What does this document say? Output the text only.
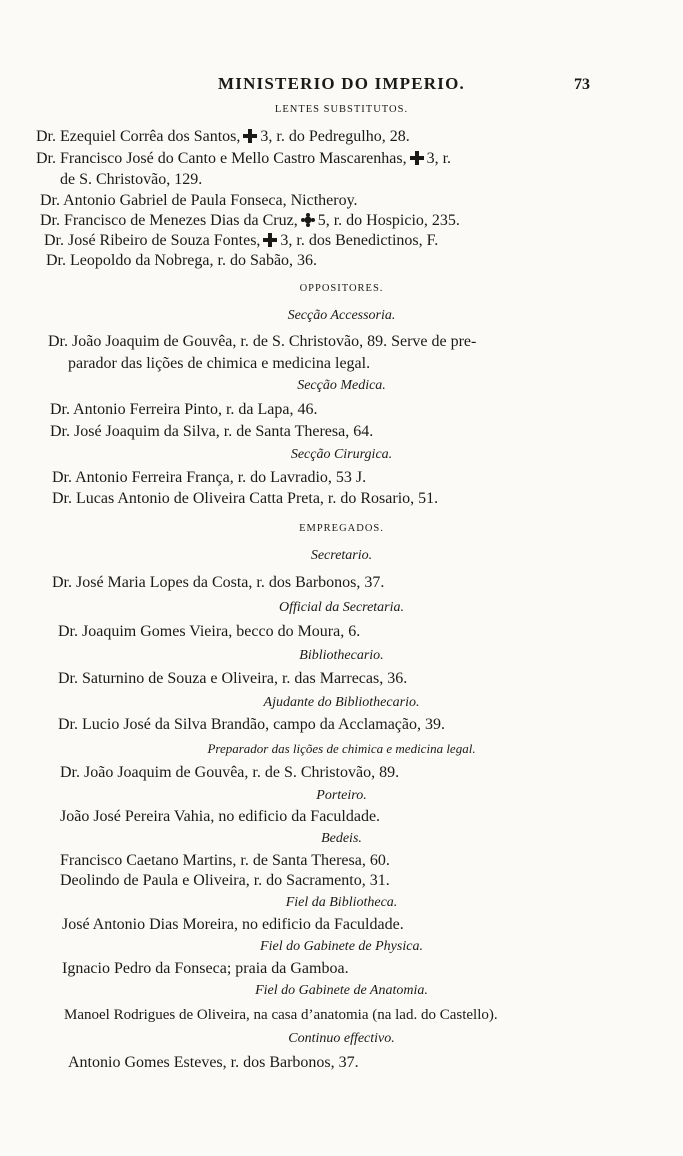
MINISTERIO DO IMPERIO.	73
LENTES SUBSTITUTOS.
Dr. Ezequiel Corrêa dos Santos, 3, r. do Pedregulho, 28.
Dr. Francisco José do Canto e Mello Castro Mascarenhas, 3, r.
de S. Christovão, 129.
Dr. Antonio Gabriel de Paula Fonseca, Nictheroy.
Dr. Francisco de Menezes Dias da Cruz, 5, r. do Hospicio, 235.
Dr. José Ribeiro de Souza Fontes, 3, r. dos Benedictinos, F.
Dr. Leopoldo da Nobrega, r. do Sabão, 36.
OPPOSITORES.
Secção Accessoria.
Dr. João Joaquim de Gouvêa, r. de S. Christovão, 89. Serve de pre-
parador das lições de chimica e medicina legal.
Secção Medica.
Dr. Antonio Ferreira Pinto, r. da Lapa, 46.
Dr. José Joaquim da Silva, r. de Santa Theresa, 64.
Secção Cirurgica.
Dr. Antonio Ferreira França, r. do Lavradio, 53 J.
Dr. Lucas Antonio de Oliveira Catta Preta, r. do Rosario, 51.
EMPREGADOS.
Secretario.
Dr. José Maria Lopes da Costa, r. dos Barbonos, 37.
Official da Secretaria.
Dr. Joaquim Gomes Vieira, becco do Moura, 6.
Bibliothecario.
Dr. Saturnino de Souza e Oliveira, r. das Marrecas, 36.
Ajudante do Bibliothecario.
Dr. Lucio José da Silva Brandão, campo da Acclamação, 39.
Preparador das lições de chimica e medicina legal.
Dr. João Joaquim de Gouvêa, r. de S. Christovão, 89.
Porteiro.
João José Pereira Vahia, no edificio da Faculdade.
Bedeis.
Francisco Caetano Martins, r. de Santa Theresa, 60.
Deolindo de Paula e Oliveira, r. do Sacramento, 31.
Fiel da Bibliotheca.
José Antonio Dias Moreira, no edificio da Faculdade.
Fiel do Gabinete de Physica.
Ignacio Pedro da Fonseca; praia da Gamboa.
Fiel do Gabinete de Anatomia.
Manoel Rodrigues de Oliveira, na casa d’anatomia (na lad. do Castello).
Continuo effectivo.
Antonio Gomes Esteves, r. dos Barbonos, 37.
